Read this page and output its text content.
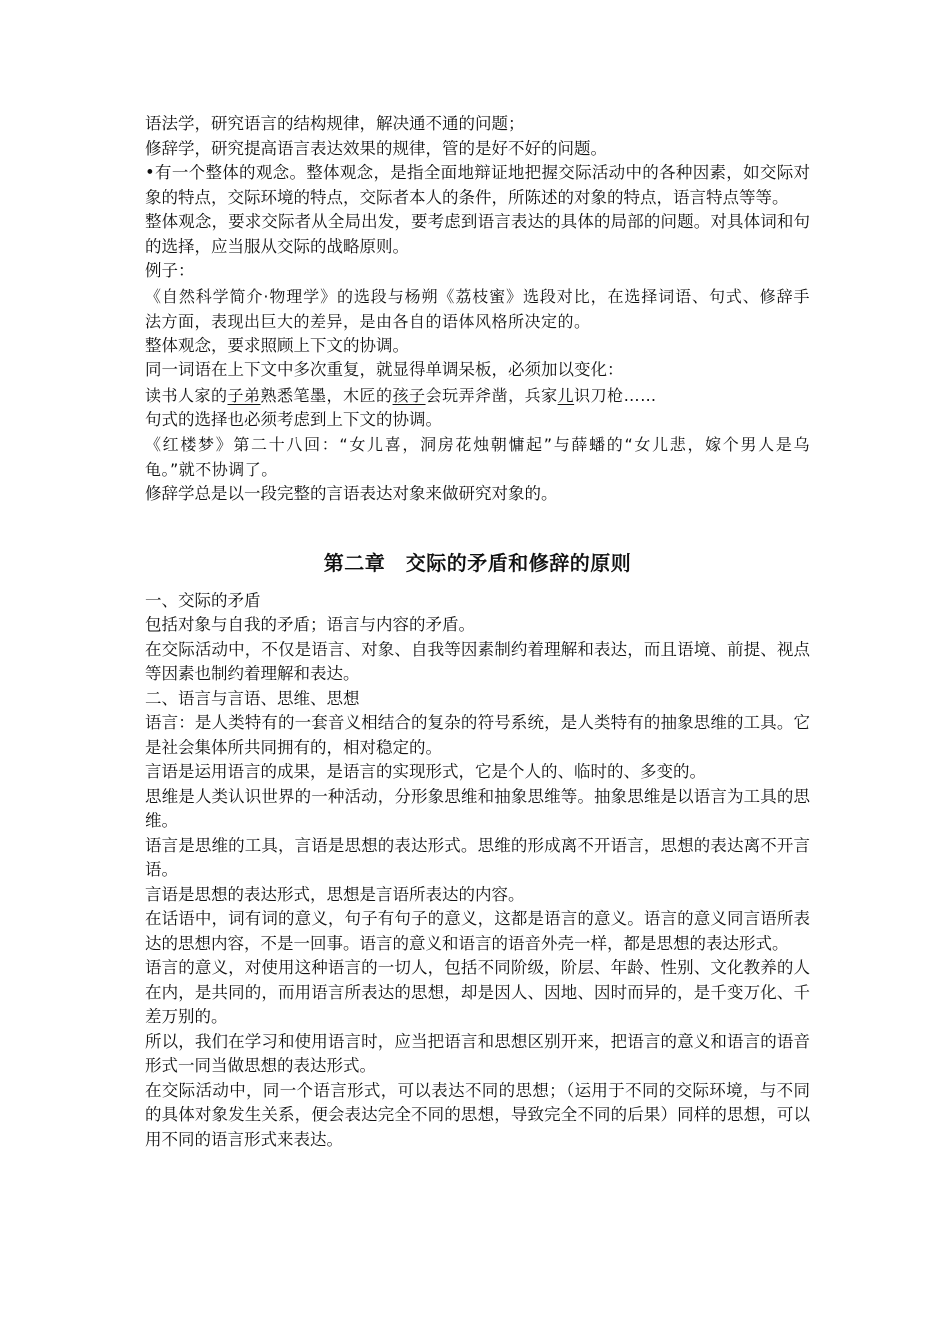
语法学，研究语言的结构规律，解决通不通的问题；

修辞学，研究提高语言表达效果的规律，管的是好不好的问题。

•有一个整体的观念。整体观念，是指全面地辩证地把握交际活动中的各种因素，如交际对象的特点，交际环境的特点，交际者本人的条件，所陈述的对象的特点，语言特点等等。

整体观念，要求交际者从全局出发，要考虑到语言表达的具体的局部的问题。对具体词和句的选择，应当服从交际的战略原则。

例子：

《自然科学简介·物理学》的选段与杨朔《荔枝蜜》选段对比，在选择词语、句式、修辞手法方面，表现出巨大的差异，是由各自的语体风格所决定的。

整体观念，要求照顾上下文的协调。

同一词语在上下文中多次重复，就显得单调呆板，必须加以变化：

读书人家的子弟熟悉笔墨，木匠的孩子会玩弄斧凿，兵家儿识刀枪……

句式的选择也必须考虑到上下文的协调。

《红楼梦》第二十八回：“女儿喜，洞房花烛朝慵起”与薛蟠的“女儿悲，嫁个男人是乌龟。”就不协调了。

修辞学总是以一段完整的言语表达对象来做研究对象的。

第二章　交际的矛盾和修辞的原则

一、交际的矛盾

包括对象与自我的矛盾；语言与内容的矛盾。

在交际活动中，不仅是语言、对象、自我等因素制约着理解和表达，而且语境、前提、视点等因素也制约着理解和表达。

二、语言与言语、思维、思想

语言：是人类特有的一套音义相结合的复杂的符号系统，是人类特有的抽象思维的工具。它是社会集体所共同拥有的，相对稳定的。

言语是运用语言的成果，是语言的实现形式，它是个人的、临时的、多变的。

思维是人类认识世界的一种活动，分形象思维和抽象思维等。抽象思维是以语言为工具的思维。

语言是思维的工具，言语是思想的表达形式。思维的形成离不开语言，思想的表达离不开言语。

言语是思想的表达形式，思想是言语所表达的内容。

在话语中，词有词的意义，句子有句子的意义，这都是语言的意义。语言的意义同言语所表达的思想内容，不是一回事。语言的意义和语言的语音外壳一样，都是思想的表达形式。

语言的意义，对使用这种语言的一切人，包括不同阶级，阶层、年龄、性别、文化教养的人在内，是共同的，而用语言所表达的思想，却是因人、因地、因时而异的，是千变万化、千差万别的。

所以，我们在学习和使用语言时，应当把语言和思想区别开来，把语言的意义和语言的语音形式一同当做思想的表达形式。

在交际活动中，同一个语言形式，可以表达不同的思想；（运用于不同的交际环境，与不同的具体对象发生关系，便会表达完全不同的思想，导致完全不同的后果）同样的思想，可以用不同的语言形式来表达。
